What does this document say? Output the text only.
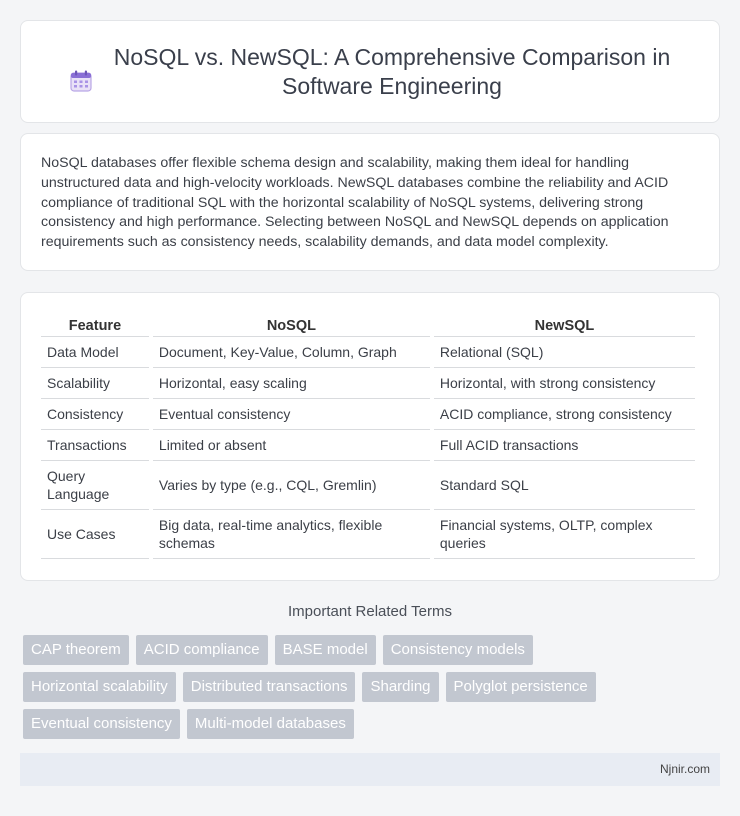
NoSQL vs. NewSQL: A Comprehensive Comparison in Software Engineering

NoSQL databases offer flexible schema design and scalability, making them ideal for handling unstructured data and high-velocity workloads. NewSQL databases combine the reliability and ACID compliance of traditional SQL with the horizontal scalability of NoSQL systems, delivering strong consistency and high performance. Selecting between NoSQL and NewSQL depends on application requirements such as consistency needs, scalability demands, and data model complexity.

Feature	NoSQL	NewSQL
Data Model	Document, Key-Value, Column, Graph	Relational (SQL)
Scalability	Horizontal, easy scaling	Horizontal, with strong consistency
Consistency	Eventual consistency	ACID compliance, strong consistency
Transactions	Limited or absent	Full ACID transactions
Query Language	Varies by type (e.g., CQL, Gremlin)	Standard SQL
Use Cases	Big data, real-time analytics, flexible schemas	Financial systems, OLTP, complex queries
Important Related Terms
CAP theorem	ACID compliance	BASE model	Consistency models
Horizontal scalability	Distributed transactions	Sharding	Polyglot persistence
Eventual consistency	Multi-model databases
Njnir.com
